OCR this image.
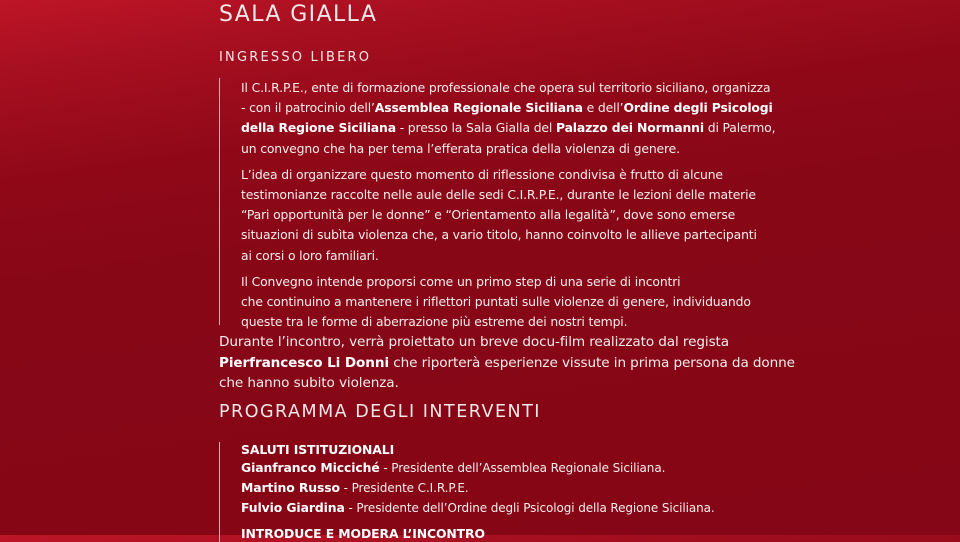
SALA GIALLA
INGRESSO LIBERO
Il C.I.R.P.E., ente di formazione professionale che opera sul territorio siciliano, organizza
- con il patrocinio dell’Assemblea Regionale Siciliana e dell’Ordine degli Psicologi
della Regione Siciliana - presso la Sala Gialla del Palazzo dei Normanni di Palermo,
un convegno che ha per tema l’efferata pratica della violenza di genere.
L’idea di organizzare questo momento di riflessione condivisa è frutto di alcune
testimonianze raccolte nelle aule delle sedi C.I.R.P.E., durante le lezioni delle materie
“Pari opportunità per le donne” e “Orientamento alla legalità”, dove sono emerse
situazioni di subìta violenza che, a vario titolo, hanno coinvolto le allieve partecipanti
ai corsi o loro familiari.
Il Convegno intende proporsi come un primo step di una serie di incontri
che continuino a mantenere i riflettori puntati sulle violenze di genere, individuando
queste tra le forme di aberrazione più estreme dei nostri tempi.
Durante l’incontro, verrà proiettato un breve docu-film realizzato dal regista
Pierfrancesco Li Donni che riporterà esperienze vissute in prima persona da donne
che hanno subito violenza.
PROGRAMMA DEGLI INTERVENTI

SALUTI ISTITUZIONALI

Gianfranco Micciché - Presidente dell’Assemblea Regionale Siciliana.

Martino Russo - Presidente C.I.R.P.E.

Fulvio Giardina - Presidente dell’Ordine degli Psicologi della Regione Siciliana.

INTRODUCE E MODERA L’INCONTRO
